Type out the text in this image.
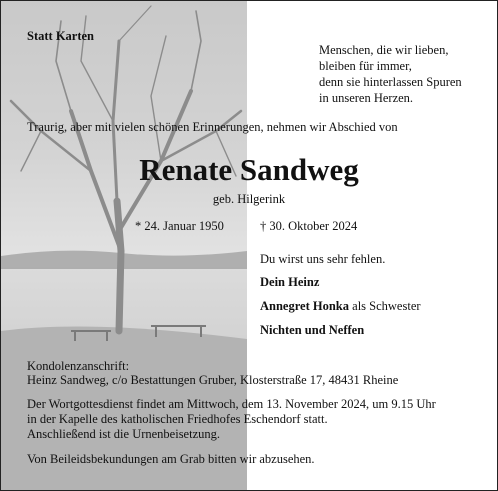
Statt Karten
Menschen, die wir lieben,
bleiben für immer,
denn sie hinterlassen Spuren
in unseren Herzen.
Traurig, aber mit vielen schönen Erinnerungen, nehmen wir Abschied von
Renate Sandweg
geb. Hilgerink
* 24. Januar 1950	† 30. Oktober 2024
Du wirst uns sehr fehlen.
Dein Heinz
Annegret Honka als Schwester
Nichten und Neffen
Kondolenzanschrift:
Heinz Sandweg, c/o Bestattungen Gruber, Klosterstraße 17, 48431 Rheine
Der Wortgottesdienst findet am Mittwoch, dem 13. November 2024, um 9.15 Uhr
in der Kapelle des katholischen Friedhofes Eschendorf statt.
Anschließend ist die Urnenbeisetzung.
Von Beileidsbekundungen am Grab bitten wir abzusehen.
